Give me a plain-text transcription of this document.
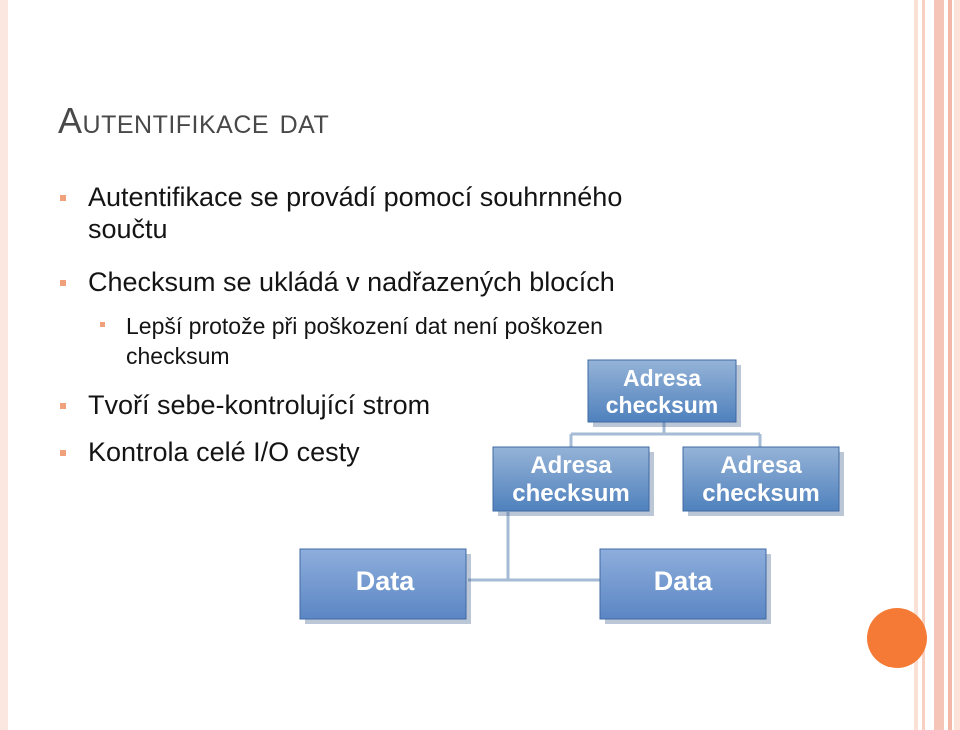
Autentifikace dat
Autentifikace se provádí pomocí souhrnného
součtu
Checksum se ukládá v nadřazených blocích
Lepší protože při poškození dat není poškozen
checksum
Tvoří sebe-kontrolující strom
Kontrola celé I/O cesty
Adresa
checksum
Adresa
checksum
Adresa
checksum
Data	Data
